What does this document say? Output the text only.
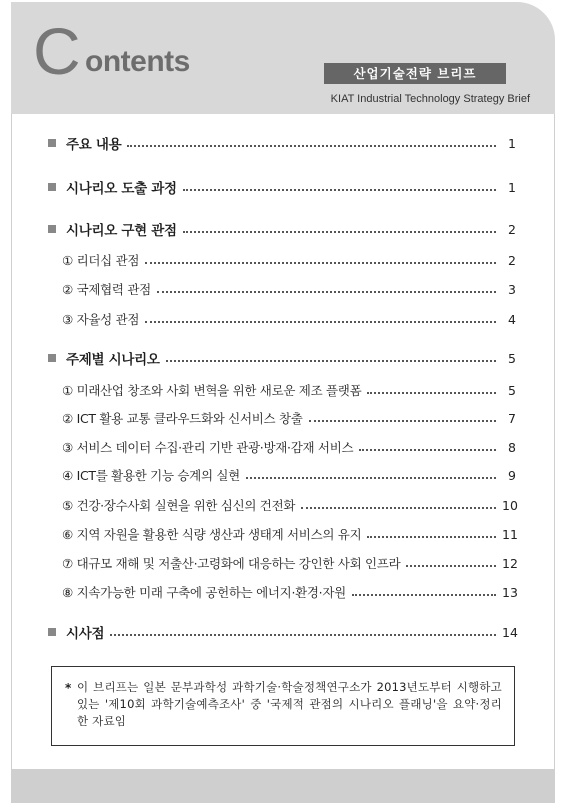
C ontents	산업기술전략 브리프
KIAT Industrial Technology Strategy Brief
주요 내용	1
시나리오 도출 과정	1
시나리오 구현 관점	2
① 리더십 관점	2
② 국제협력 관점	3
③ 자율성 관점	4
주제별 시나리오	5
① 미래산업 창조와 사회 변혁을 위한 새로운 제조 플랫폼	5
② ICT 활용 교통 클라우드화와 신서비스 창출	7
③ 서비스 데이터 수집·관리 기반 관광·방재·감재 서비스	8
④ ICT를 활용한 기능 승계의 실현	9
⑤ 건강·장수사회 실현을 위한 심신의 건전화	10
⑥ 지역 자원을 활용한 식량 생산과 생태계 서비스의 유지	11
⑦ 대규모 재해 및 저출산·고령화에 대응하는 강인한 사회 인프라	12
⑧ 지속가능한 미래 구축에 공헌하는 에너지·환경·자원	13
시사점	14
* 이 브리프는 일본 문부과학성 과학기술·학술정책연구소가 2013년도부터 시행하고 있는 '제10회 과학기술예측조사' 중 '국제적 관점의 시나리오 플래닝'을 요약·정리한 자료임
